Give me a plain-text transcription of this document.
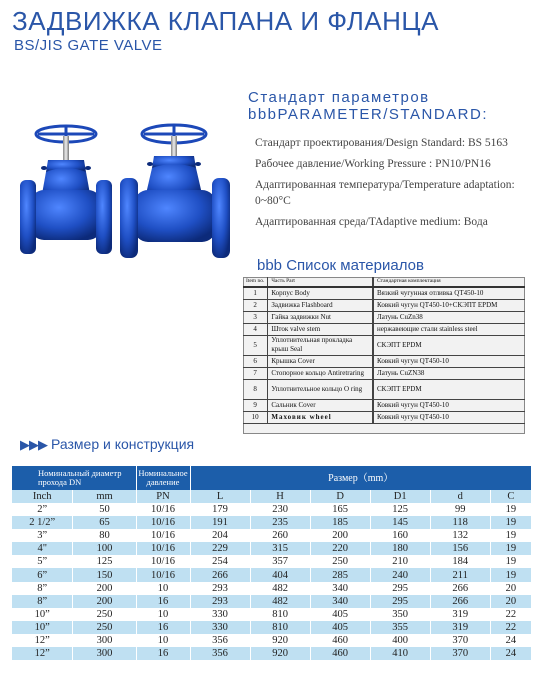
ЗАДВИЖКА КЛАПАНА И ФЛАНЦА
BS/JIS GATE VALVE
Стандарт параметров
bbbPARAMETER/STANDARD:
Стандарт проектирования/Design Standard: BS 5163
Рабочее давление/Working Pressure : PN10/PN16
Адаптированная температура/Temperature adaptation: 0~80°C
Адаптированная среда/TAdaptive medium: Вода
bbb Список материалов
Item no.	Часть Part	Стандартная комплектация
1	Корпус Body	Вязкий чугунная отливка QT450-10
2	Задвижка Flashboard	Ковкий чугун QT450-10+СКЭПТ EPDM
3	Гайка задвижки Nut	Латунь CuZn38
4	Шток valve stem	нержавеющие стали stainless steel
5	Уплотнительная прокладка крыш Seal	СКЭПТ EPDM
6	Крышка Cover	Ковкий чугун QT450-10
7	Стопорное кольцо Antiretraring	Латунь CuZN38
8	Уплотнительное кольцо O ring	СКЭПТ EPDM
9	Сальник Cover	Ковкий чугун QT450-10
10	Маховик wheel	Ковкий чугун QT450-10
▶▶▶ Размер и конструкция
Номинальный диаметр прохода DN		Номинальное давление	Размер（mm）					
Inch	mm	PN	L	H	D	D1	d	C
2”	50	10/16	179	230	165	125	99	19
2 1/2”	65	10/16	191	235	185	145	118	19
3”	80	10/16	204	260	200	160	132	19
4"	100	10/16	229	315	220	180	156	19
5”	125	10/16	254	357	250	210	184	19
6”	150	10/16	266	404	285	240	211	19
8”	200	10	293	482	340	295	266	20
8”	200	16	293	482	340	295	266	20
10”	250	10	330	810	405	350	319	22
10”	250	16	330	810	405	355	319	22
12”	300	10	356	920	460	400	370	24
12”	300	16	356	920	460	410	370	24
